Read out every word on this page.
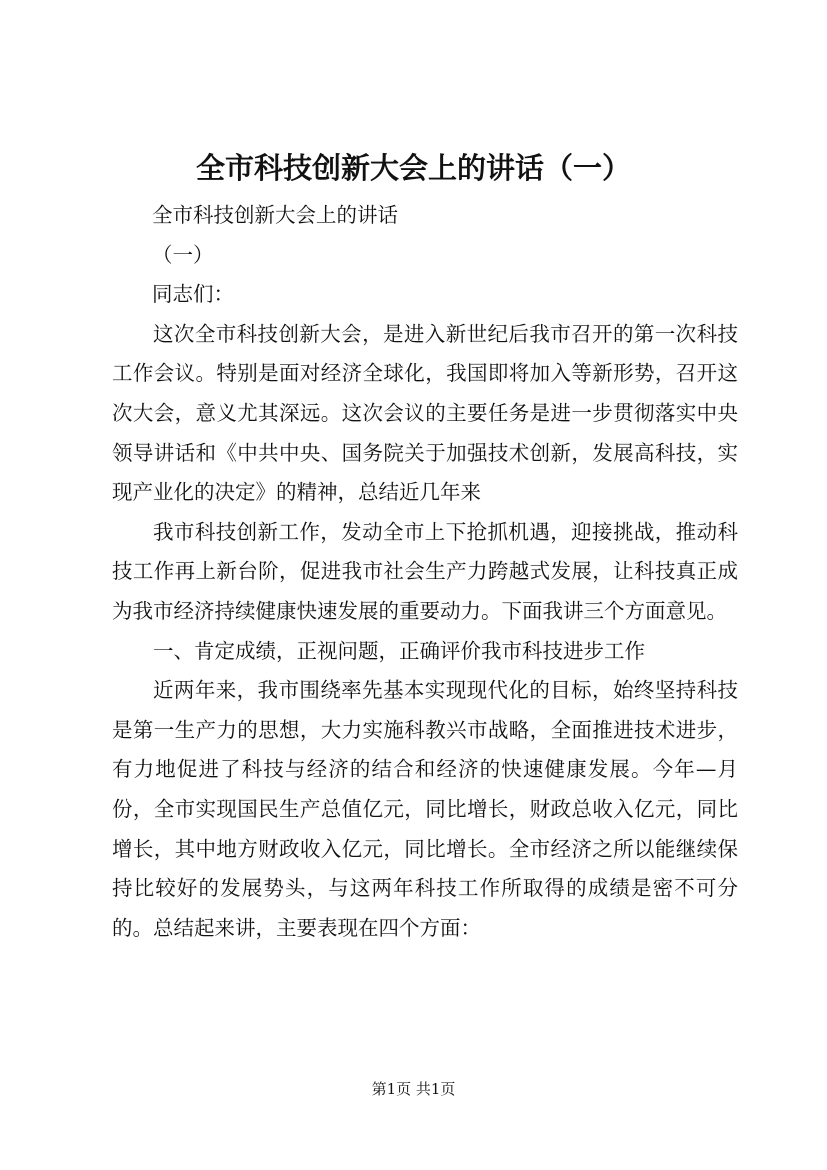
全市科技创新大会上的讲话（一）

全市科技创新大会上的讲话

（一）

同志们：

这次全市科技创新大会，是进入新世纪后我市召开的第一次科技工作会议。特别是面对经济全球化，我国即将加入等新形势，召开这次大会，意义尤其深远。这次会议的主要任务是进一步贯彻落实中央领导讲话和《中共中央、国务院关于加强技术创新，发展高科技，实现产业化的决定》的精神，总结近几年来

我市科技创新工作，发动全市上下抢抓机遇，迎接挑战，推动科技工作再上新台阶，促进我市社会生产力跨越式发展，让科技真正成为我市经济持续健康快速发展的重要动力。下面我讲三个方面意见。

一、肯定成绩，正视问题，正确评价我市科技进步工作

近两年来，我市围绕率先基本实现现代化的目标，始终坚持科技是第一生产力的思想，大力实施科教兴市战略，全面推进技术进步，有力地促进了科技与经济的结合和经济的快速健康发展。今年—月份，全市实现国民生产总值亿元，同比增长，财政总收入亿元，同比增长，其中地方财政收入亿元，同比增长。全市经济之所以能继续保持比较好的发展势头，与这两年科技工作所取得的成绩是密不可分的。总结起来讲，主要表现在四个方面：

第1页 共1页
